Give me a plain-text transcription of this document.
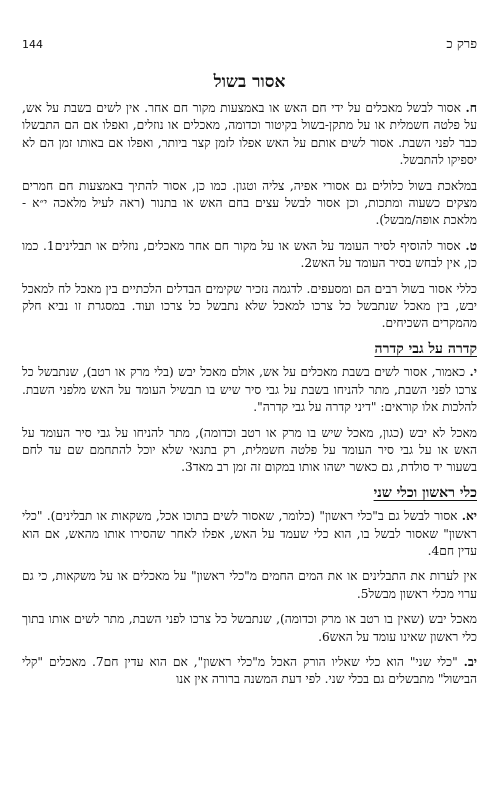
144	פרק כ
אסור בשול

ח. אסור לבשל מאכלים על ידי חם האש או באמצעות מקור חם אחר. אין לשים בשבת על אש, על פלטה חשמלית או על מתקן-בשול בקיטור וכדומה, מאכלים או נוזלים, ואפלו אם הם התבשלו כבר לפני השבת. אסור לשים אותם על האש אפלו לזמן קצר ביותר, ואפלו אם באותו זמן הם לא יספיקו להתבשל.

במלאכת בשול כלולים גם אסורי אפיה, צליה וטגון. כמו כן, אסור להתיך באמצעות חם חמרים מצקים כשעוה ומתכות, וכן אסור לבשל עצים בחם האש או בתנור (ראה לעיל מלאכה י״א - מלאכת אופה/מבשל).

ט. אסור להוסיף לסיר העומד על האש או על מקור חם אחר מאכלים, נוזלים או תבלינים1. כמו כן, אין לבחש בסיר העומד על האש2.

כללי אסור בשול רבים הם ומסעפים. לדגמה נזכיר שקימים הבדלים הלכתיים בין מאכל לח למאכל יבש, בין מאכל שנתבשל כל צרכו למאכל שלא נתבשל כל צרכו ועוד. במסגרת זו נביא חלק מהמקרים השכיחים.

קדרה על גבי קדרה

י. כאמור, אסור לשים בשבת מאכלים על אש, אולם מאכל יבש (בלי מרק או רטב), שנתבשל כל צרכו לפני השבת, מתר להניחו בשבת על גבי סיר שיש בו תבשיל העומד על האש מלפני השבת. להלכות אלו קוראים: "דיני קדרה על גבי קדרה".

מאכל לא יבש (כגון, מאכל שיש בו מרק או רטב וכדומה), מתר להניחו על גבי סיר העומד על האש או על גבי סיר העומד על פלטה חשמלית, רק בתנאי שלא יוכל להתחמם שם עד לחם בשעור יד סולדת, גם כאשר ישהו אותו במקום זה זמן רב מאד3.

כלי ראשון וכלי שני

יא. אסור לבשל גם ב"כלי ראשון" (כלומר, שאסור לשים בתוכו אכל, משקאות או תבלינים). "כלי ראשון" שאסור לבשל בו, הוא כלי שעמד על האש, אפלו לאחר שהסירו אותו מהאש, אם הוא עדין חם4.

אין לערות את התבלינים או את המים החמים מ"כלי ראשון" על מאכלים או על משקאות, כי גם ערוי מכלי ראשון מבשל5.

מאכל יבש (שאין בו רטב או מרק וכדומה), שנתבשל כל צרכו לפני השבת, מתר לשים אותו בתוך כלי ראשון שאינו עומד על האש6.

יב. "כלי שני" הוא כלי שאליו הורק האכל מ"כלי ראשון", אם הוא עדין חם7. מאכלים "קלי הבישול" מתבשלים גם בכלי שני. לפי דעת המשנה ברורה אין אנו
